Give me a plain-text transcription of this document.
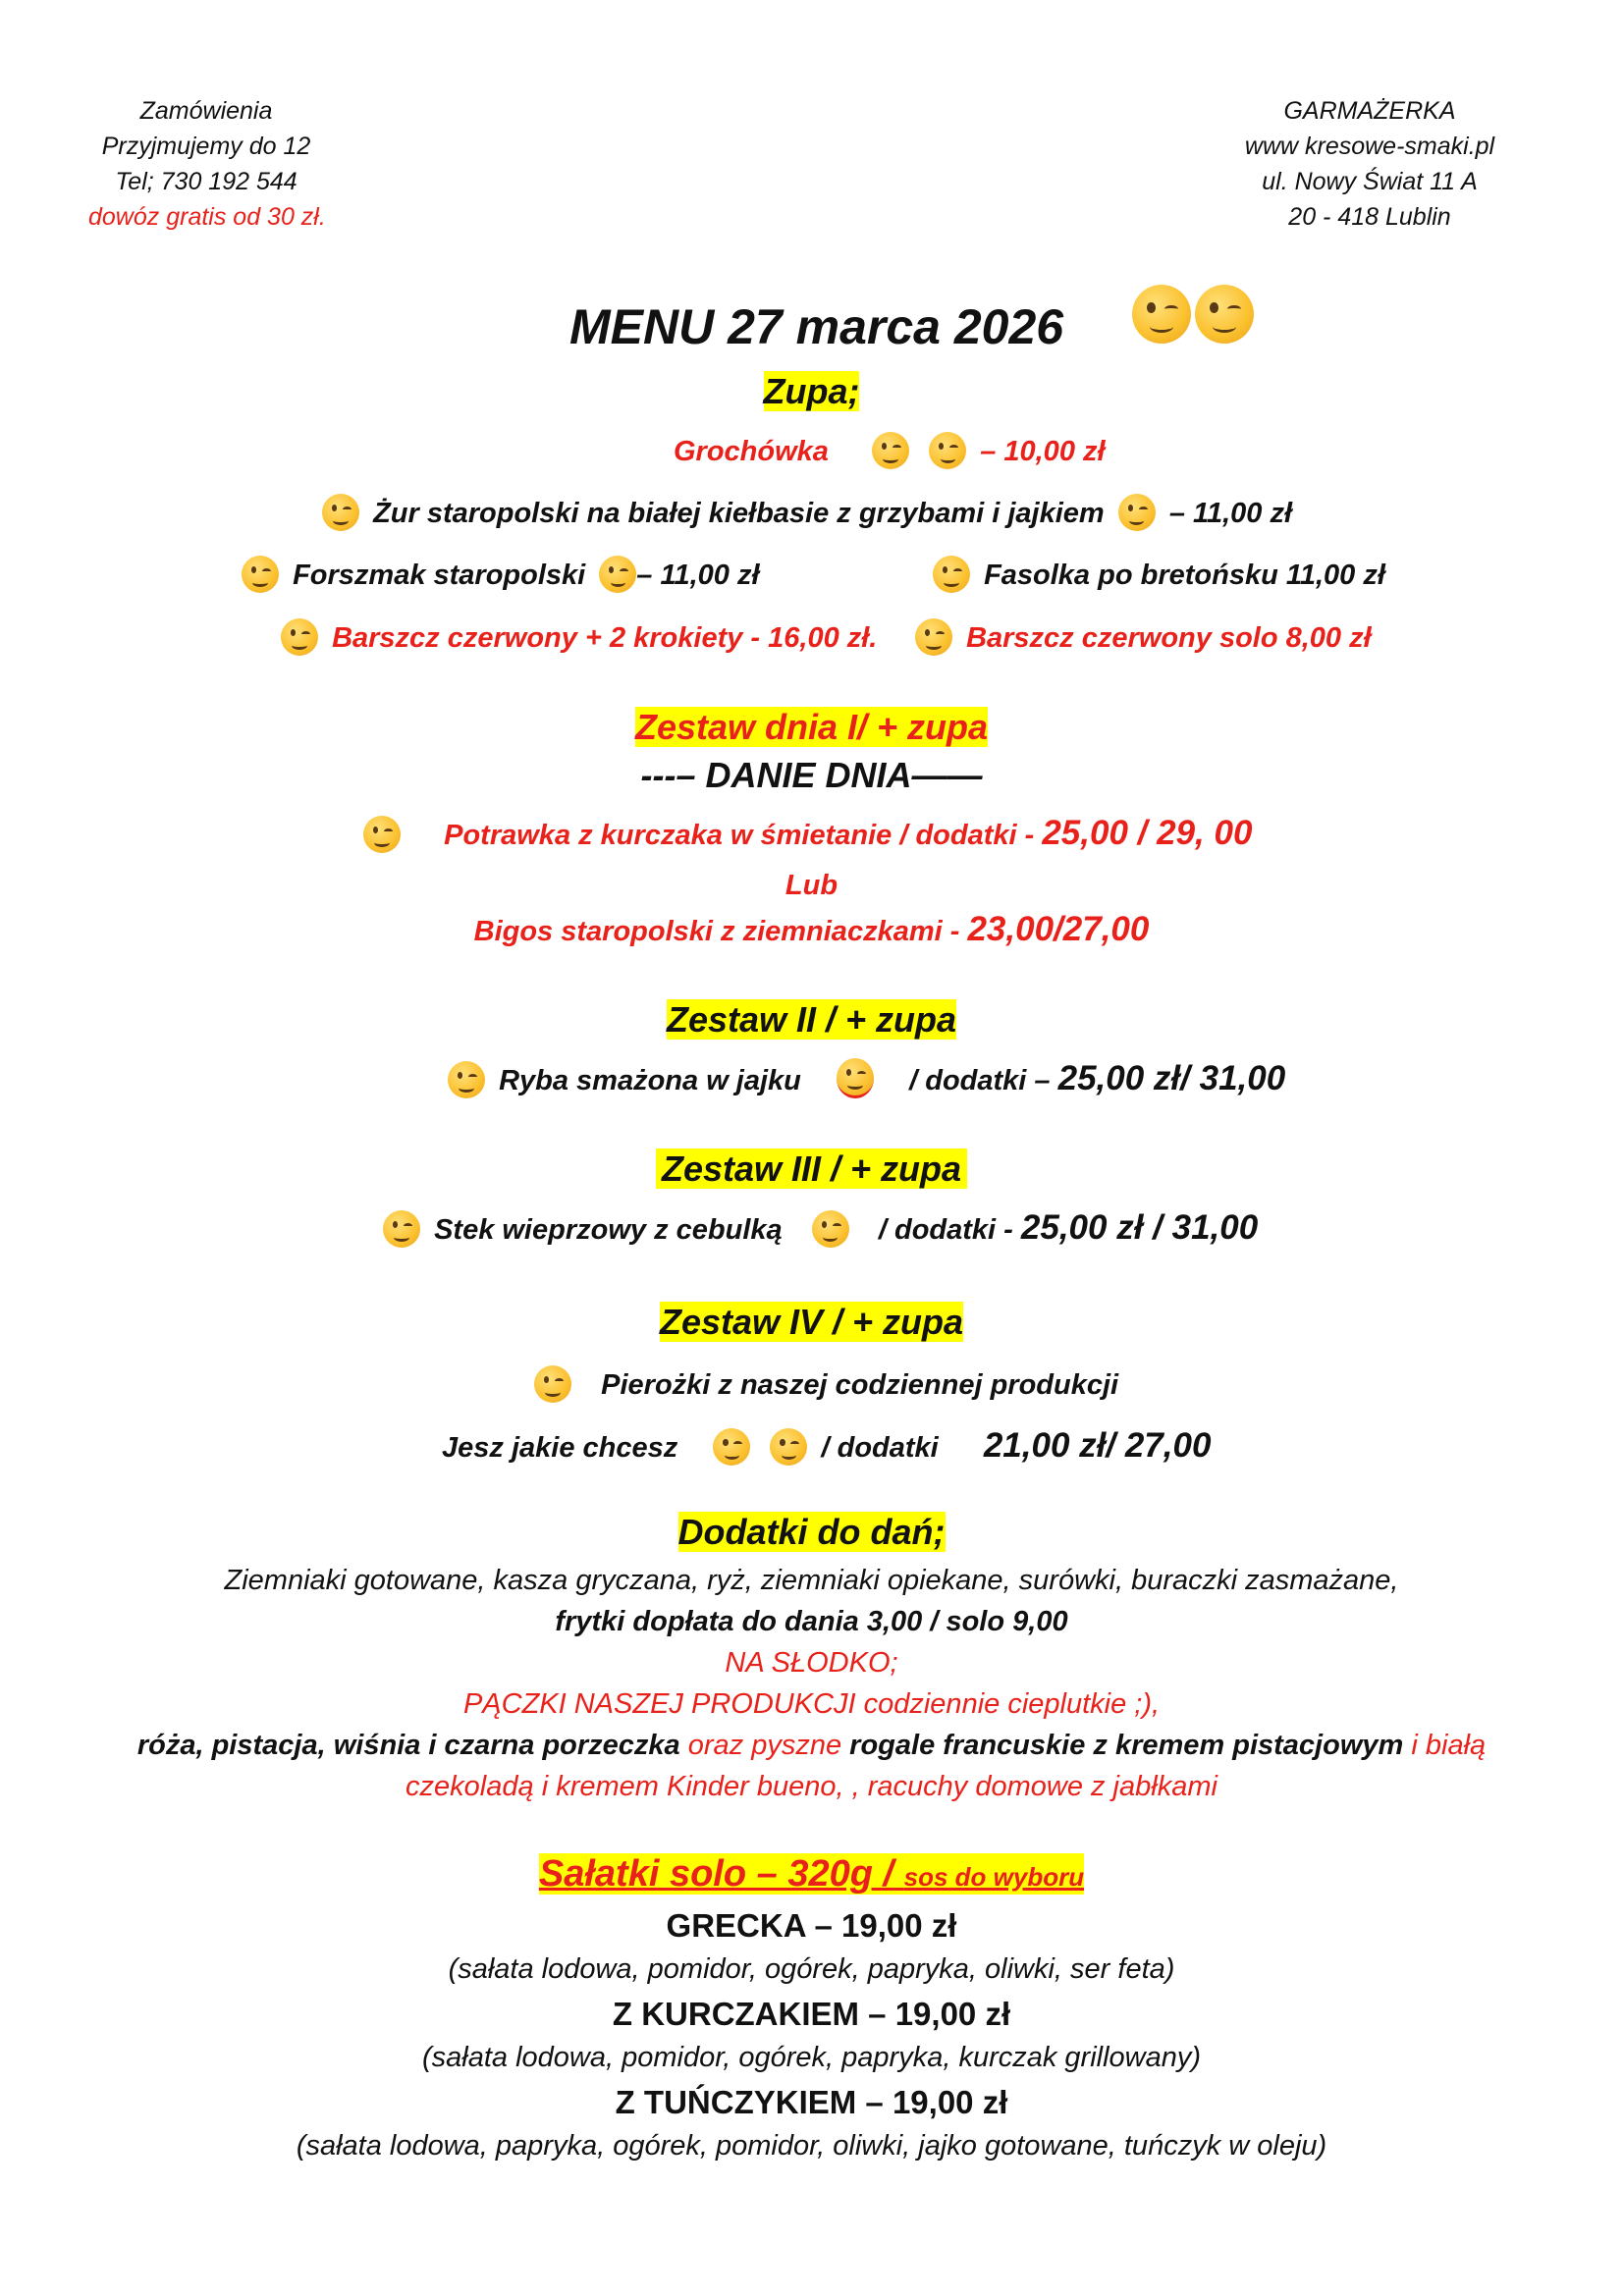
Zamówienia
Przyjmujemy do 12
Tel; 730 192 544
dowóz gratis od 30 zł.
GARMAŻERKA
www kresowe-smaki.pl
ul. Nowy Świat 11 A
20 - 418 Lublin
MENU 27 marca 2026
Zupa;
Grochówka
	– 10,00 zł
Żur staropolski na białej kiełbasie z grzybami i jajkiem – 11,00 zł
Forszmak staropolski – 11,00 zł	Fasolka po bretońsku 11,00 zł
Barszcz czerwony + 2 krokiety - 16,00 zł.	Barszcz czerwony solo 8,00 zł
Zestaw dnia I/ + zupa
---– DANIE DNIA——
Potrawka z kurczaka w śmietanie / dodatki - 25,00 / 29, 00
Lub
Bigos staropolski z ziemniaczkami - 23,00/27,00
Zestaw II / + zupa
Ryba smażona w jajku	/ dodatki – 25,00 zł/ 31,00
Zestaw III / + zupa
Stek wieprzowy z cebulką	/ dodatki - 25,00 zł / 31,00
Zestaw IV / + zupa
Pierożki z naszej codziennej produkcji
Jesz jakie chcesz
	/ dodatki 21,00 zł/ 27,00
Dodatki do dań;
Ziemniaki gotowane, kasza gryczana, ryż, ziemniaki opiekane, surówki, buraczki zasmażane,
frytki dopłata do dania 3,00 / solo 9,00
NA SŁODKO;
PĄCZKI NASZEJ PRODUKCJI codziennie cieplutkie ;),
róża, pistacja, wiśnia i czarna porzeczka oraz pyszne rogale francuskie z kremem pistacjowym i białą
czekoladą i kremem Kinder bueno, , racuchy domowe z jabłkami
Sałatki solo – 320g / sos do wyboru
GRECKA – 19,00 zł
(sałata lodowa, pomidor, ogórek, papryka, oliwki, ser feta)
Z KURCZAKIEM – 19,00 zł
(sałata lodowa, pomidor, ogórek, papryka, kurczak grillowany)
Z TUŃCZYKIEM – 19,00 zł
(sałata lodowa, papryka, ogórek, pomidor, oliwki, jajko gotowane, tuńczyk w oleju)
